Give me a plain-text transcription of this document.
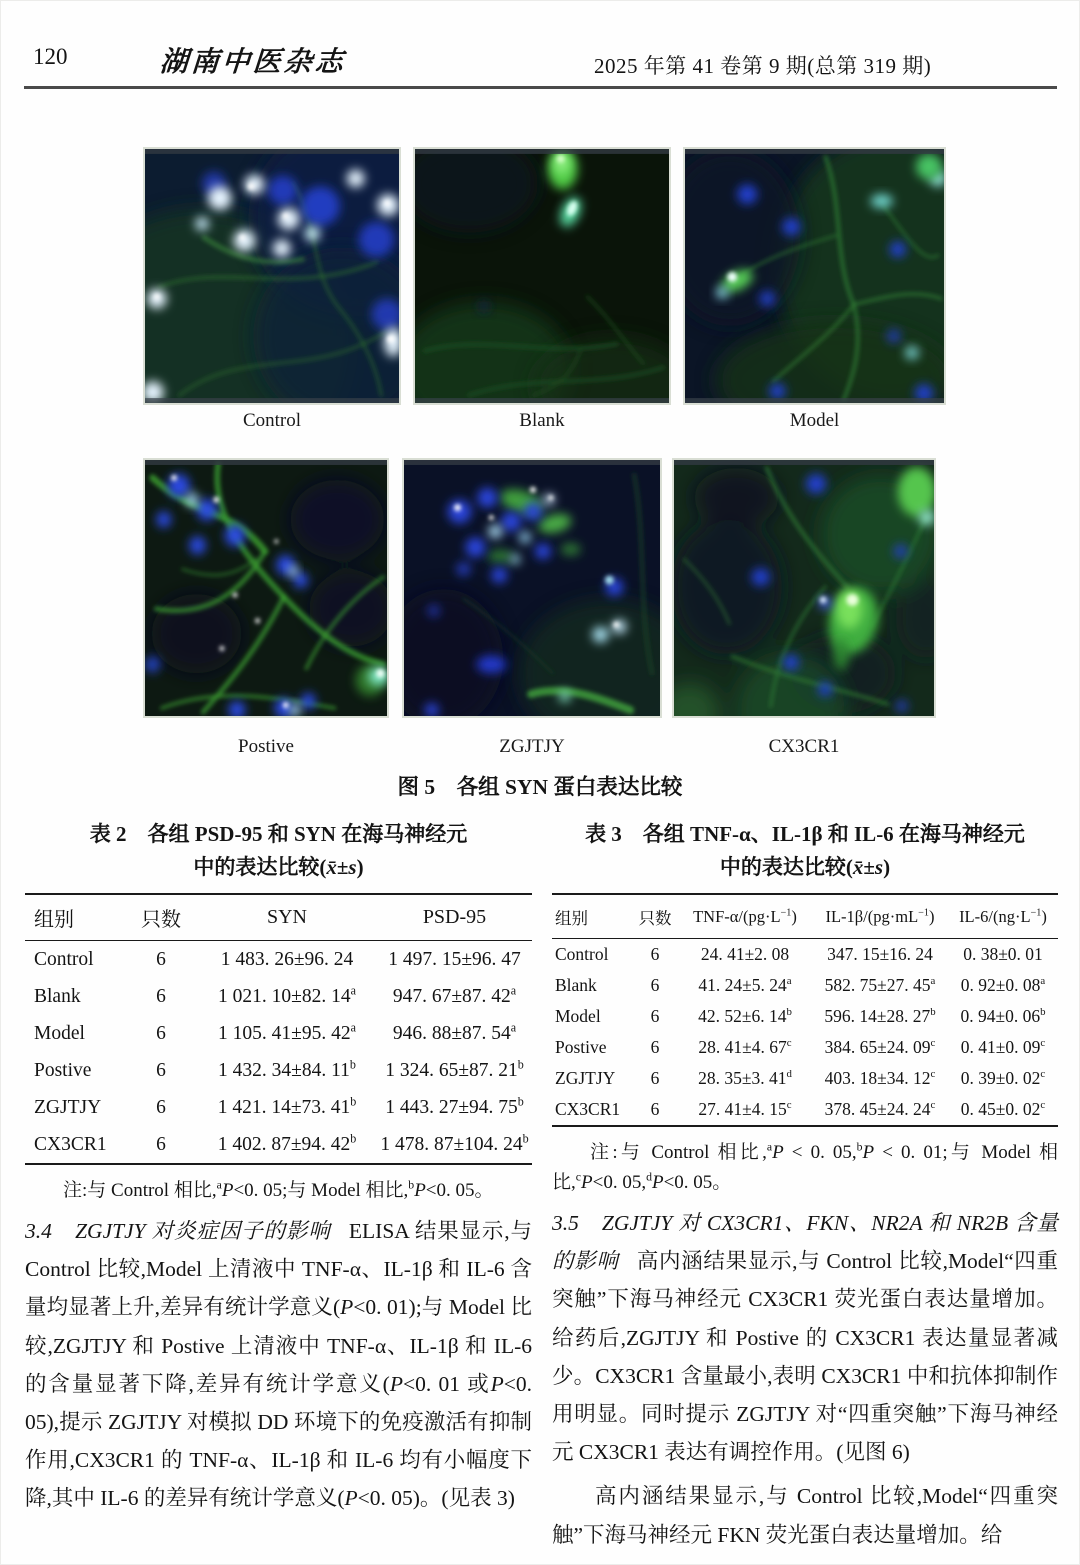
120	湖南中医杂志	2025 年第 41 卷第 9 期(总第 319 期)
Control	Blank	Model
Postive	ZGJTJY	CX3CR1
图 5　各组 SYN 蛋白表达比较

表 2　各组 PSD-95 和 SYN 在海马神经元
中的表达比较(x̄±s)

组别	只数	SYN	PSD-95
Control	6	1 483. 26±96. 24	1 497. 15±96. 47
Blank	6	1 021. 10±82. 14$^a$	947. 67±87. 42$^a$
Model	6	1 105. 41±95. 42$^a$	946. 88±87. 54$^a$
Postive	6	1 432. 34±84. 11$^b$	1 324. 65±87. 21$^b$
ZGJTJY	6	1 421. 14±73. 41$^b$	1 443. 27±94. 75$^b$
CX3CR1	6	1 402. 87±94. 42$^b$	1 478. 87±104. 24$^b$

注:与 Control 相比,$^a$P<0. 05;与 Model 相比,$^b$P<0. 05。

3.4　ZGJTJY 对炎症因子的影响 ELISA 结果显示,与 Control 比较,Model 上清液中 TNF-α、IL-1β 和 IL-6 含量均显著上升,差异有统计学意义(P<0. 01);与 Model 比较,ZGJTJY 和 Postive 上清液中 TNF-α、IL-1β 和 IL-6 的含量显著下降,差异有统计学意义(P<0. 01 或P<0. 05),提示 ZGJTJY 对模拟 DD 环境下的免疫激活有抑制作用,CX3CR1 的 TNF-α、IL-1β 和 IL-6 均有小幅度下降,其中 IL-6 的差异有统计学意义(P<0. 05)。(见表 3)

表 3　各组 TNF-α、IL-1β 和 IL-6 在海马神经元
中的表达比较(x̄±s)

组别	只数	TNF-$\alpha/(pg\cdot L^{-1})$	$IL-1\beta/(pg\cdot mL^{-1})$	$IL-6/(ng\cdot L^{-1})$
Control	6	24. 41±2. 08	347. 15±16. 24	0. 38±0. 01
Blank	6	41. 24±5. 24$^a$	582. 75±27. 45$^a$	0. 92±0. 08$^a$
Model	6	42. 52±6. 14$^b$	596. 14±28. 27$^b$	0. 94±0. 06$^b$
Postive	6	28. 41±4. 67$^c$	384. 65±24. 09$^c$	0. 41±0. 09$^c$
ZGJTJY	6	28. 35±3. 41$^d$	403. 18±34. 12$^c$	0. 39±0. 02$^c$
CX3CR1	6	27. 41±4. 15$^c$	378. 45±24. 24$^c$	0. 45±0. 02$^c$

注:与 Control 相比,$^a$P < 0. 05,$^b$P < 0. 01;与 Model 相比,$^c$P<0. 05,$^d$P<0. 05。

3.5　ZGJTJY 对 CX3CR1、FKN、NR2A 和 NR2B 含量的影响 高内涵结果显示,与 Control 比较,Model“四重突触”下海马神经元 CX3CR1 荧光蛋白表达量增加。给药后,ZGJTJY 和 Postive 的 CX3CR1 表达量显著减少。CX3CR1 含量最小,表明 CX3CR1 中和抗体抑制作用明显。同时提示 ZGJTJY 对“四重突触”下海马神经元 CX3CR1 表达有调控作用。(见图 6)

高内涵结果显示,与 Control 比较,Model“四重突触”下海马神经元 FKN 荧光蛋白表达量增加。给
